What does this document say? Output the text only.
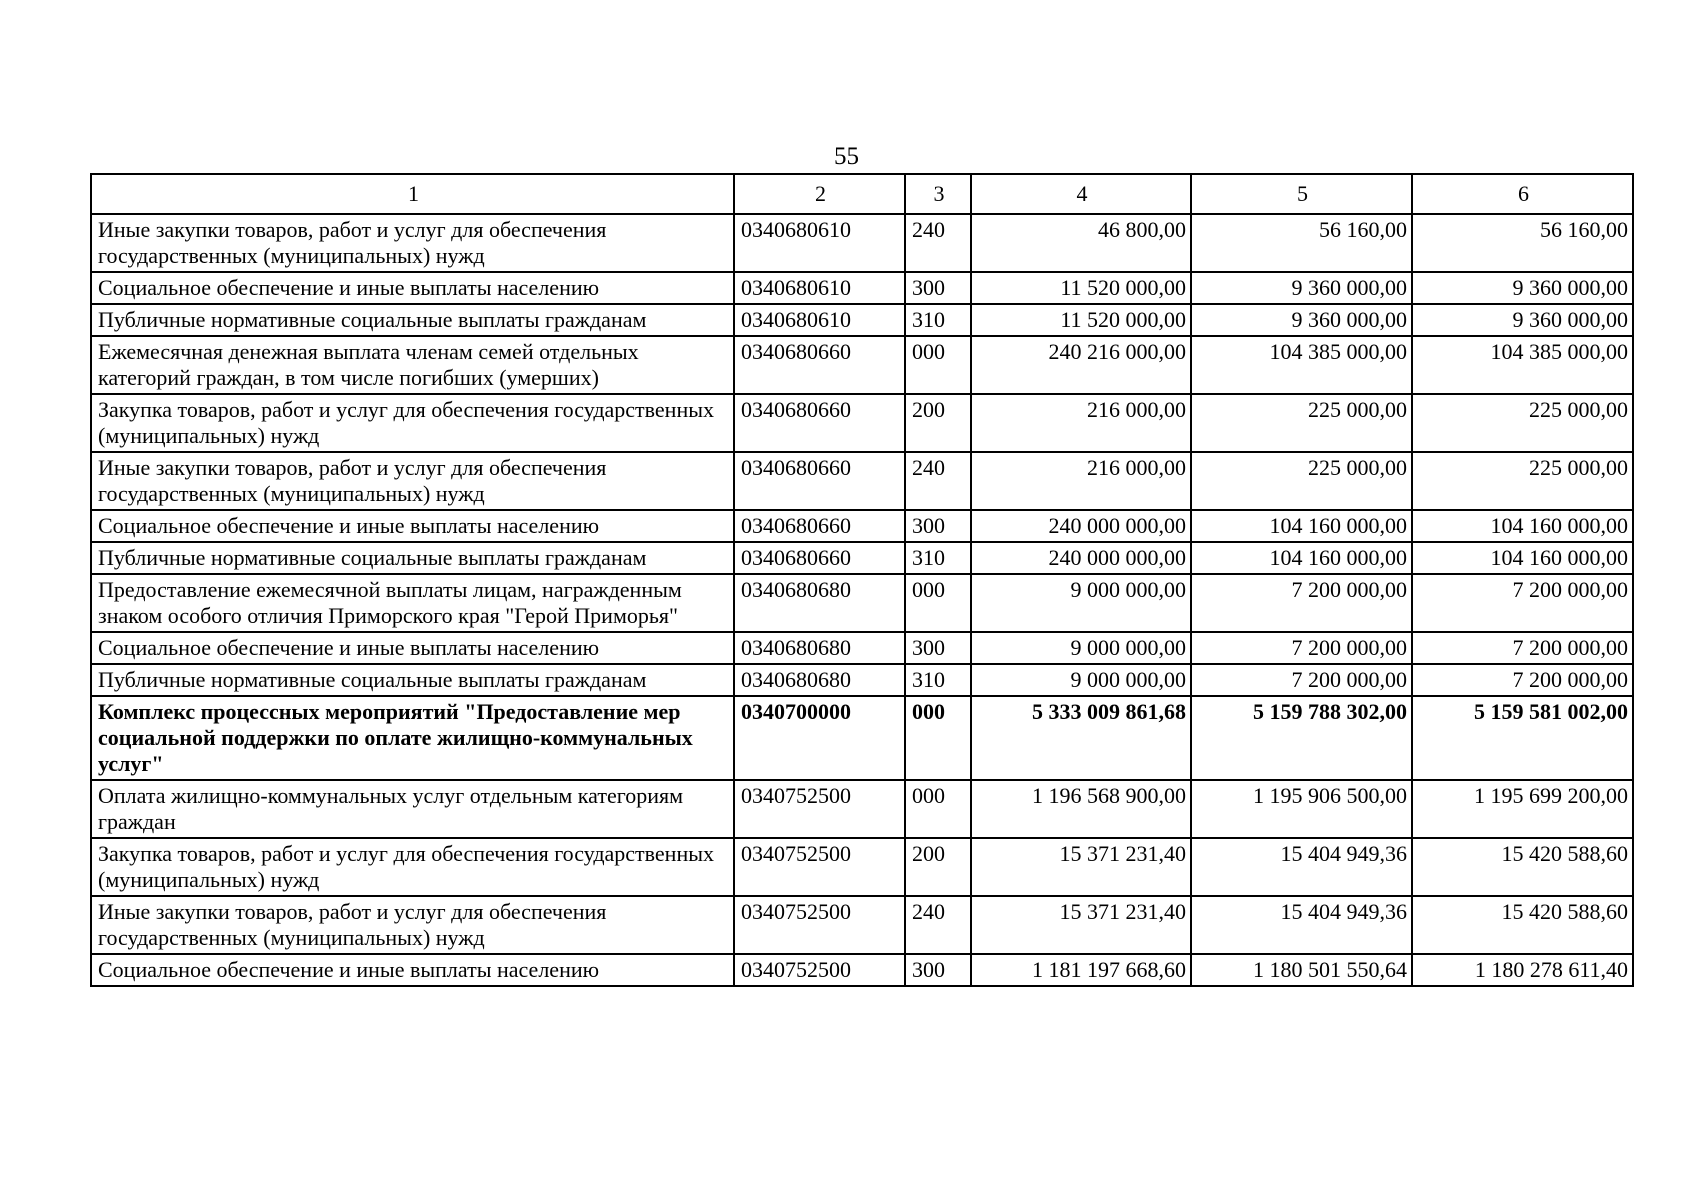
55
1	2	3	4	5	6
Иные закупки товаров, работ и услуг для обеспечения государственных (муниципальных) нужд	0340680610	240	46 800,00	56 160,00	56 160,00
Социальное обеспечение и иные выплаты населению	0340680610	300	11 520 000,00	9 360 000,00	9 360 000,00
Публичные нормативные социальные выплаты гражданам	0340680610	310	11 520 000,00	9 360 000,00	9 360 000,00
Ежемесячная денежная выплата членам семей отдельных категорий граждан, в том числе погибших (умерших)	0340680660	000	240 216 000,00	104 385 000,00	104 385 000,00
Закупка товаров, работ и услуг для обеспечения государственных (муниципальных) нужд	0340680660	200	216 000,00	225 000,00	225 000,00
Иные закупки товаров, работ и услуг для обеспечения государственных (муниципальных) нужд	0340680660	240	216 000,00	225 000,00	225 000,00
Социальное обеспечение и иные выплаты населению	0340680660	300	240 000 000,00	104 160 000,00	104 160 000,00
Публичные нормативные социальные выплаты гражданам	0340680660	310	240 000 000,00	104 160 000,00	104 160 000,00
Предоставление ежемесячной выплаты лицам, награжденным знаком особого отличия Приморского края "Герой Приморья"	0340680680	000	9 000 000,00	7 200 000,00	7 200 000,00
Социальное обеспечение и иные выплаты населению	0340680680	300	9 000 000,00	7 200 000,00	7 200 000,00
Публичные нормативные социальные выплаты гражданам	0340680680	310	9 000 000,00	7 200 000,00	7 200 000,00
Комплекс процессных мероприятий "Предоставление мер социальной поддержки по оплате жилищно-коммунальных услуг"	0340700000	000	5 333 009 861,68	5 159 788 302,00	5 159 581 002,00
Оплата жилищно-коммунальных услуг отдельным категориям граждан	0340752500	000	1 196 568 900,00	1 195 906 500,00	1 195 699 200,00
Закупка товаров, работ и услуг для обеспечения государственных (муниципальных) нужд	0340752500	200	15 371 231,40	15 404 949,36	15 420 588,60
Иные закупки товаров, работ и услуг для обеспечения государственных (муниципальных) нужд	0340752500	240	15 371 231,40	15 404 949,36	15 420 588,60
Социальное обеспечение и иные выплаты населению	0340752500	300	1 181 197 668,60	1 180 501 550,64	1 180 278 611,40
